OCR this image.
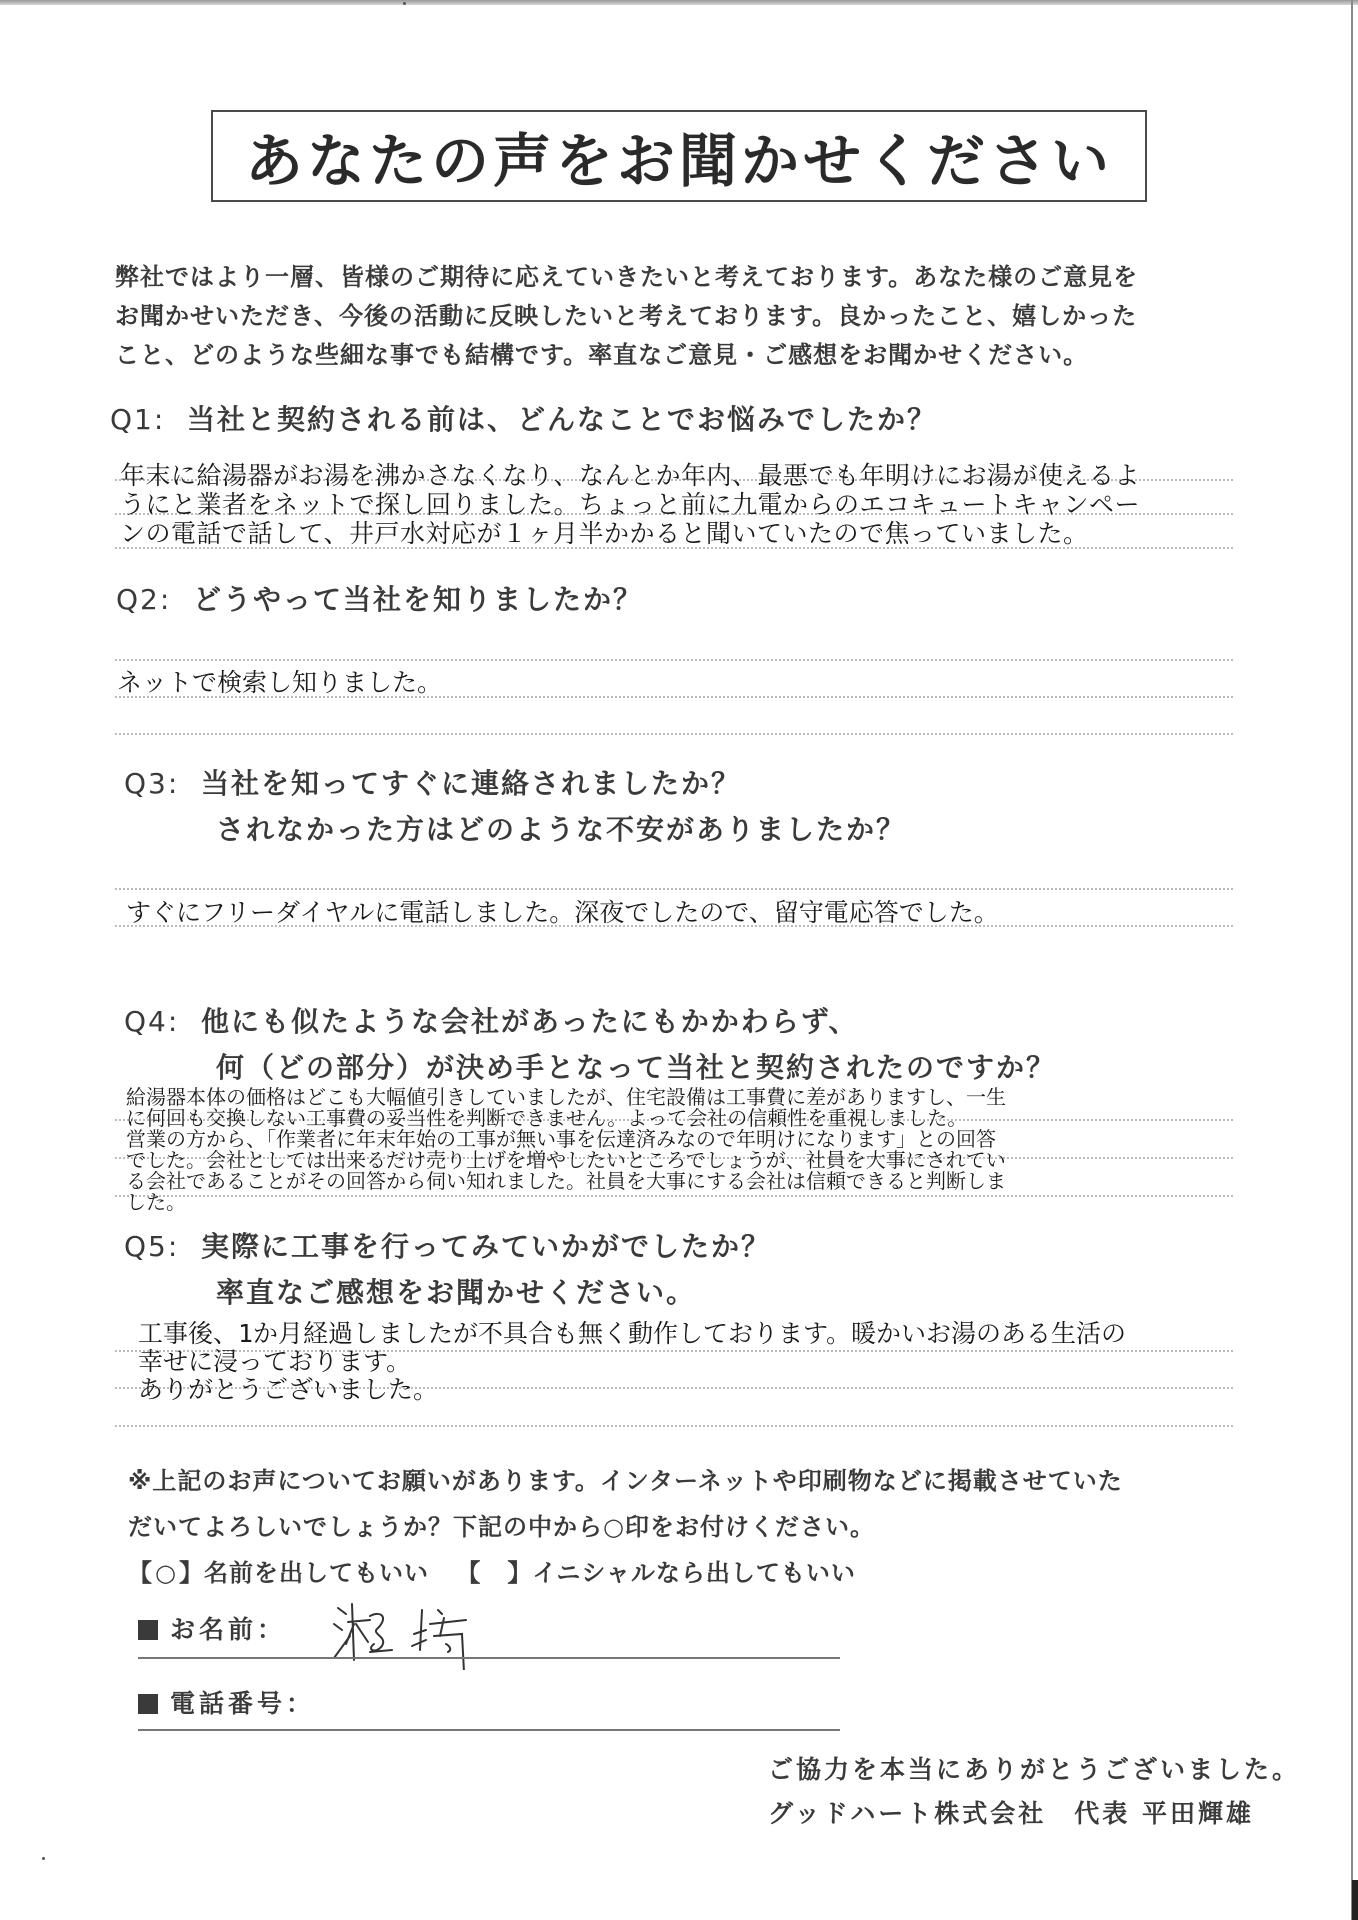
あなたの声をお聞かせください
弊社ではより一層、皆様のご期待に応えていきたいと考えております。あなた様のご意見を
お聞かせいただき、今後の活動に反映したいと考えております。良かったこと、嬉しかった
こと、どのような些細な事でも結構です。率直なご意見・ご感想をお聞かせください。
Q1: 当社と契約される前は、どんなことでお悩みでしたか？
年末に給湯器がお湯を沸かさなくなり、なんとか年内、最悪でも年明けにお湯が使えるよ
うにと業者をネットで探し回りました。ちょっと前に九電からのエコキュートキャンペー
ンの電話で話して、井戸水対応が１ヶ月半かかると聞いていたので焦っていました。
Q2: どうやって当社を知りましたか？
ネットで検索し知りました。
Q3: 当社を知ってすぐに連絡されましたか？
されなかった方はどのような不安がありましたか？
すぐにフリーダイヤルに電話しました。深夜でしたので、留守電応答でした。
Q4: 他にも似たような会社があったにもかかわらず、
何（どの部分）が決め手となって当社と契約されたのですか？
給湯器本体の価格はどこも大幅値引きしていましたが、住宅設備は工事費に差がありますし、一生
に何回も交換しない工事費の妥当性を判断できません。よって会社の信頼性を重視しました。
営業の方から、「作業者に年末年始の工事が無い事を伝達済みなので年明けになります」との回答
でした。会社としては出来るだけ売り上げを増やしたいところでしょうが、社員を大事にされてい
る会社であることがその回答から伺い知れました。社員を大事にする会社は信頼できると判断しま
した。
Q5: 実際に工事を行ってみていかがでしたか？
率直なご感想をお聞かせください。
工事後、1か月経過しましたが不具合も無く動作しております。暖かいお湯のある生活の
幸せに浸っております。
ありがとうございました。
※上記のお声についてお願いがあります。インターネットや印刷物などに掲載させていた
だいてよろしいでしょうか？下記の中から○印をお付けください。
【○】名前を出してもいい 【 】イニシャルなら出してもいい
お名前：
電話番号：
ご協力を本当にありがとうございました。
グッドハート株式会社　代表 平田輝雄
